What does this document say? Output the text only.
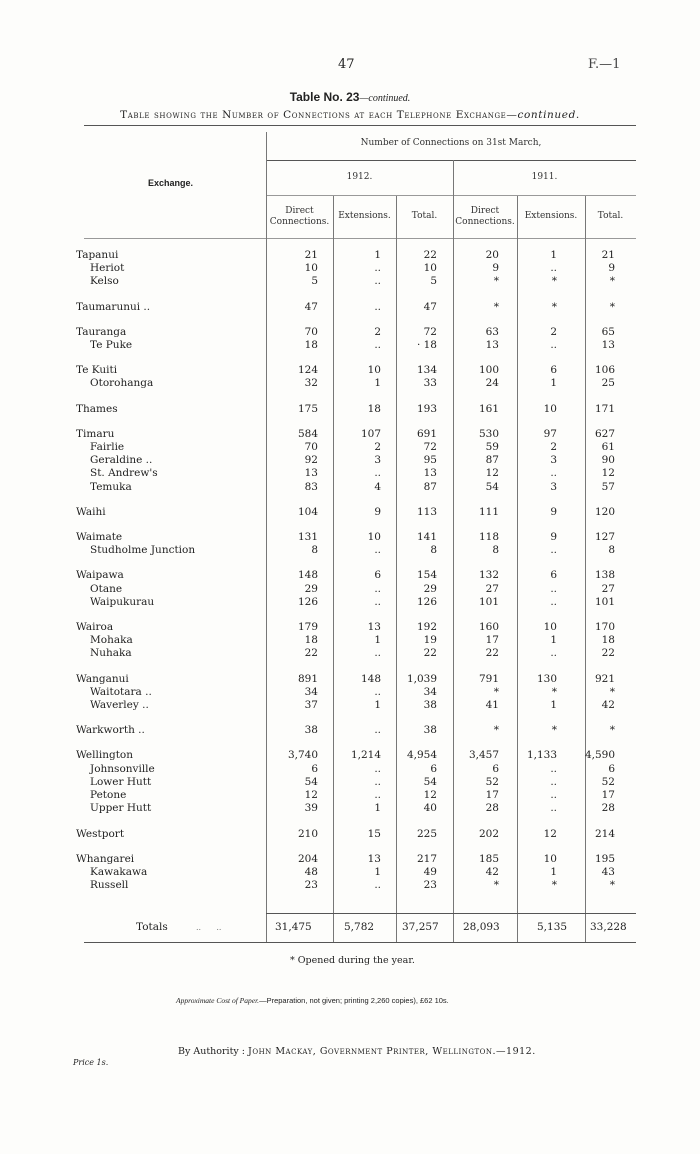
47	F.—1
Table No. 23—continued.
Table showing the Number of Connections at each Telephone Exchange—continued.
Exchange.
Number of Connections on 31st March,
1912.	1911.
Direct Connections.
Extensions.	Total.	Direct Connections.
Extensions.	Total.
Tapanui	21	1	22	20	1	21
Heriot	10	..	10	9	..	9
Kelso	5	..	5	*	*	*

Taumarunui ..	47	..	47	*	*	*

Tauranga	70	2	72	63	2	65
Te Puke	18	..	· 18	13	..	13

Te Kuiti	124	10	134	100	6	106
Otorohanga	32	1	33	24	1	25

Thames	175	18	193	161	10	171

Timaru	584	107	691	530	97	627
Fairlie	70	2	72	59	2	61
Geraldine ..	92	3	95	87	3	90
St. Andrew's	13	..	13	12	..	12
Temuka	83	4	87	54	3	57

Waihi	104	9	113	111	9	120

Waimate	131	10	141	118	9	127
Studholme Junction	8	..	8	8	..	8

Waipawa	148	6	154	132	6	138
Otane	29	..	29	27	..	27
Waipukurau	126	..	126	101	..	101

Wairoa	179	13	192	160	10	170
Mohaka	18	1	19	17	1	18
Nuhaka	22	..	22	22	..	22

Wanganui	891	148	1,039	791	130	921
Waitotara ..	34	..	34	*	*	*
Waverley ..	37	1	38	41	1	42

Warkworth ..	38	..	38	*	*	*

Wellington	3,740	1,214	4,954	3,457	1,133	4,590
Johnsonville	6	..	6	6	..	6
Lower Hutt	54	..	54	52	..	52
Petone	12	..	12	17	..	17
Upper Hutt	39	1	40	28	..	28

Westport	210	15	225	202	12	214

Whangarei	204	13	217	185	10	195
Kawakawa	48	1	49	42	1	43
Russell	23	..	23	*	*	*
Totals	..      ..	31,475	5,782	37,257 28,093	5,135 33,228
* Opened during the year.
Approximate Cost of Paper.—Preparation, not given; printing 2,260 copies), £62 10s.
By Authority : John Mackay, Government Printer, Wellington.—1912.
Price 1s.
